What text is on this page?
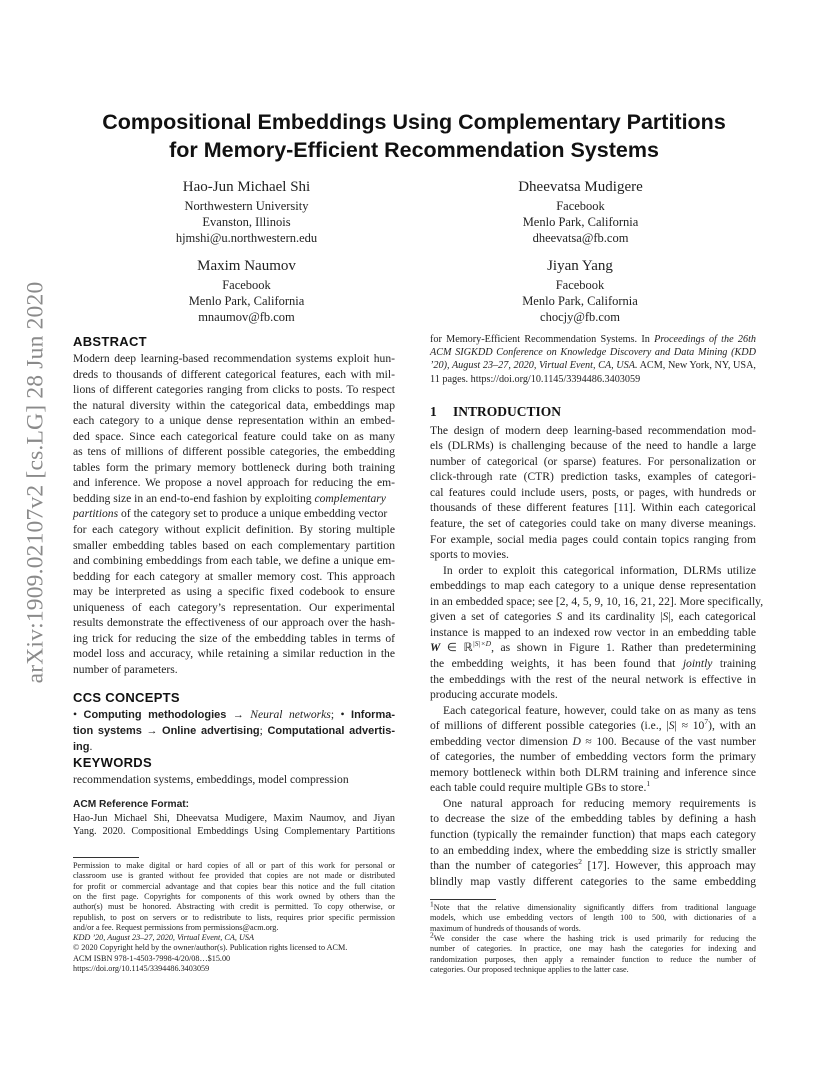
arXiv:1909.02107v2 [cs.LG] 28 Jun 2020
Compositional Embeddings Using Complementary Partitions
for Memory-Efficient Recommendation Systems
Hao-Jun Michael Shi
Northwestern University
Evanston, Illinois
hjmshi@u.northwestern.edu
Dheevatsa Mudigere
Facebook
Menlo Park, California
dheevatsa@fb.com
Maxim Naumov
Facebook
Menlo Park, California
mnaumov@fb.com
Jiyan Yang
Facebook
Menlo Park, California
chocjy@fb.com
ABSTRACT
Modern deep learning-based recommendation systems exploit hun-
dreds to thousands of different categorical features, each with mil-
lions of different categories ranging from clicks to posts. To respect
the natural diversity within the categorical data, embeddings map
each category to a unique dense representation within an embed-
ded space. Since each categorical feature could take on as many
as tens of millions of different possible categories, the embedding
tables form the primary memory bottleneck during both training
and inference. We propose a novel approach for reducing the em-
bedding size in an end-to-end fashion by exploiting complementary
partitions of the category set to produce a unique embedding vector
for each category without explicit definition. By storing multiple
smaller embedding tables based on each complementary partition
and combining embeddings from each table, we define a unique em-
bedding for each category at smaller memory cost. This approach
may be interpreted as using a specific fixed codebook to ensure
uniqueness of each category’s representation. Our experimental
results demonstrate the effectiveness of our approach over the hash-
ing trick for reducing the size of the embedding tables in terms of
model loss and accuracy, while retaining a similar reduction in the
number of parameters.
CCS CONCEPTS
• Computing methodologies → Neural networks; • Informa-
tion systems → Online advertising; Computational advertis-
ing.
KEYWORDS
recommendation systems, embeddings, model compression
ACM Reference Format:
Hao-Jun Michael Shi, Dheevatsa Mudigere, Maxim Naumov, and Jiyan
Yang. 2020. Compositional Embeddings Using Complementary Partitions
Permission to make digital or hard copies of all or part of this work for personal or
classroom use is granted without fee provided that copies are not made or distributed
for profit or commercial advantage and that copies bear this notice and the full citation
on the first page. Copyrights for components of this work owned by others than the
author(s) must be honored. Abstracting with credit is permitted. To copy otherwise, or
republish, to post on servers or to redistribute to lists, requires prior specific permission
and/or a fee. Request permissions from permissions@acm.org.
KDD ’20, August 23–27, 2020, Virtual Event, CA, USA
© 2020 Copyright held by the owner/author(s). Publication rights licensed to ACM.
ACM ISBN 978-1-4503-7998-4/20/08…$15.00
https://doi.org/10.1145/3394486.3403059
for Memory-Efficient Recommendation Systems. In Proceedings of the 26th
ACM SIGKDD Conference on Knowledge Discovery and Data Mining (KDD
’20), August 23–27, 2020, Virtual Event, CA, USA. ACM, New York, NY, USA,
11 pages. https://doi.org/10.1145/3394486.3403059
1 INTRODUCTION
The design of modern deep learning-based recommendation mod-
els (DLRMs) is challenging because of the need to handle a large
number of categorical (or sparse) features. For personalization or
click-through rate (CTR) prediction tasks, examples of categori-
cal features could include users, posts, or pages, with hundreds or
thousands of these different features [11]. Within each categorical
feature, the set of categories could take on many diverse meanings.
For example, social media pages could contain topics ranging from
sports to movies.
In order to exploit this categorical information, DLRMs utilize
embeddings to map each category to a unique dense representation
in an embedded space; see [2, 4, 5, 9, 10, 16, 21, 22]. More specifically,
given a set of categories S and its cardinality |S|, each categorical
instance is mapped to an indexed row vector in an embedding table
W ∈ ℝ$^{|S|\times D}$, as shown in Figure 1. Rather than predetermining
the embedding weights, it has been found that jointly training
the embeddings with the rest of the neural network is effective in
producing accurate models.
Each categorical feature, however, could take on as many as tens
of millions of different possible categories (i.e., $|S| \approx 10^7$), with an
embedding vector dimension D ≈ 100. Because of the vast number
of categories, the number of embedding vectors form the primary
memory bottleneck within both DLRM training and inference since
each table could require multiple GBs to store.$^1$
One natural approach for reducing memory requirements is
to decrease the size of the embedding tables by defining a hash
function (typically the remainder function) that maps each category
to an embedding index, where the embedding size is strictly smaller
than the number of categories$^2$ [17]. However, this approach may
blindly map vastly different categories to the same embedding
$^1$Note that the relative dimensionality significantly differs from traditional language
models, which use embedding vectors of length 100 to 500, with dictionaries of a
maximum of hundreds of thousands of words.
$^2$We consider the case where the hashing trick is used primarily for reducing the
number of categories. In practice, one may hash the categories for indexing and
randomization purposes, then apply a remainder function to reduce the number of
categories. Our proposed technique applies to the latter case.
